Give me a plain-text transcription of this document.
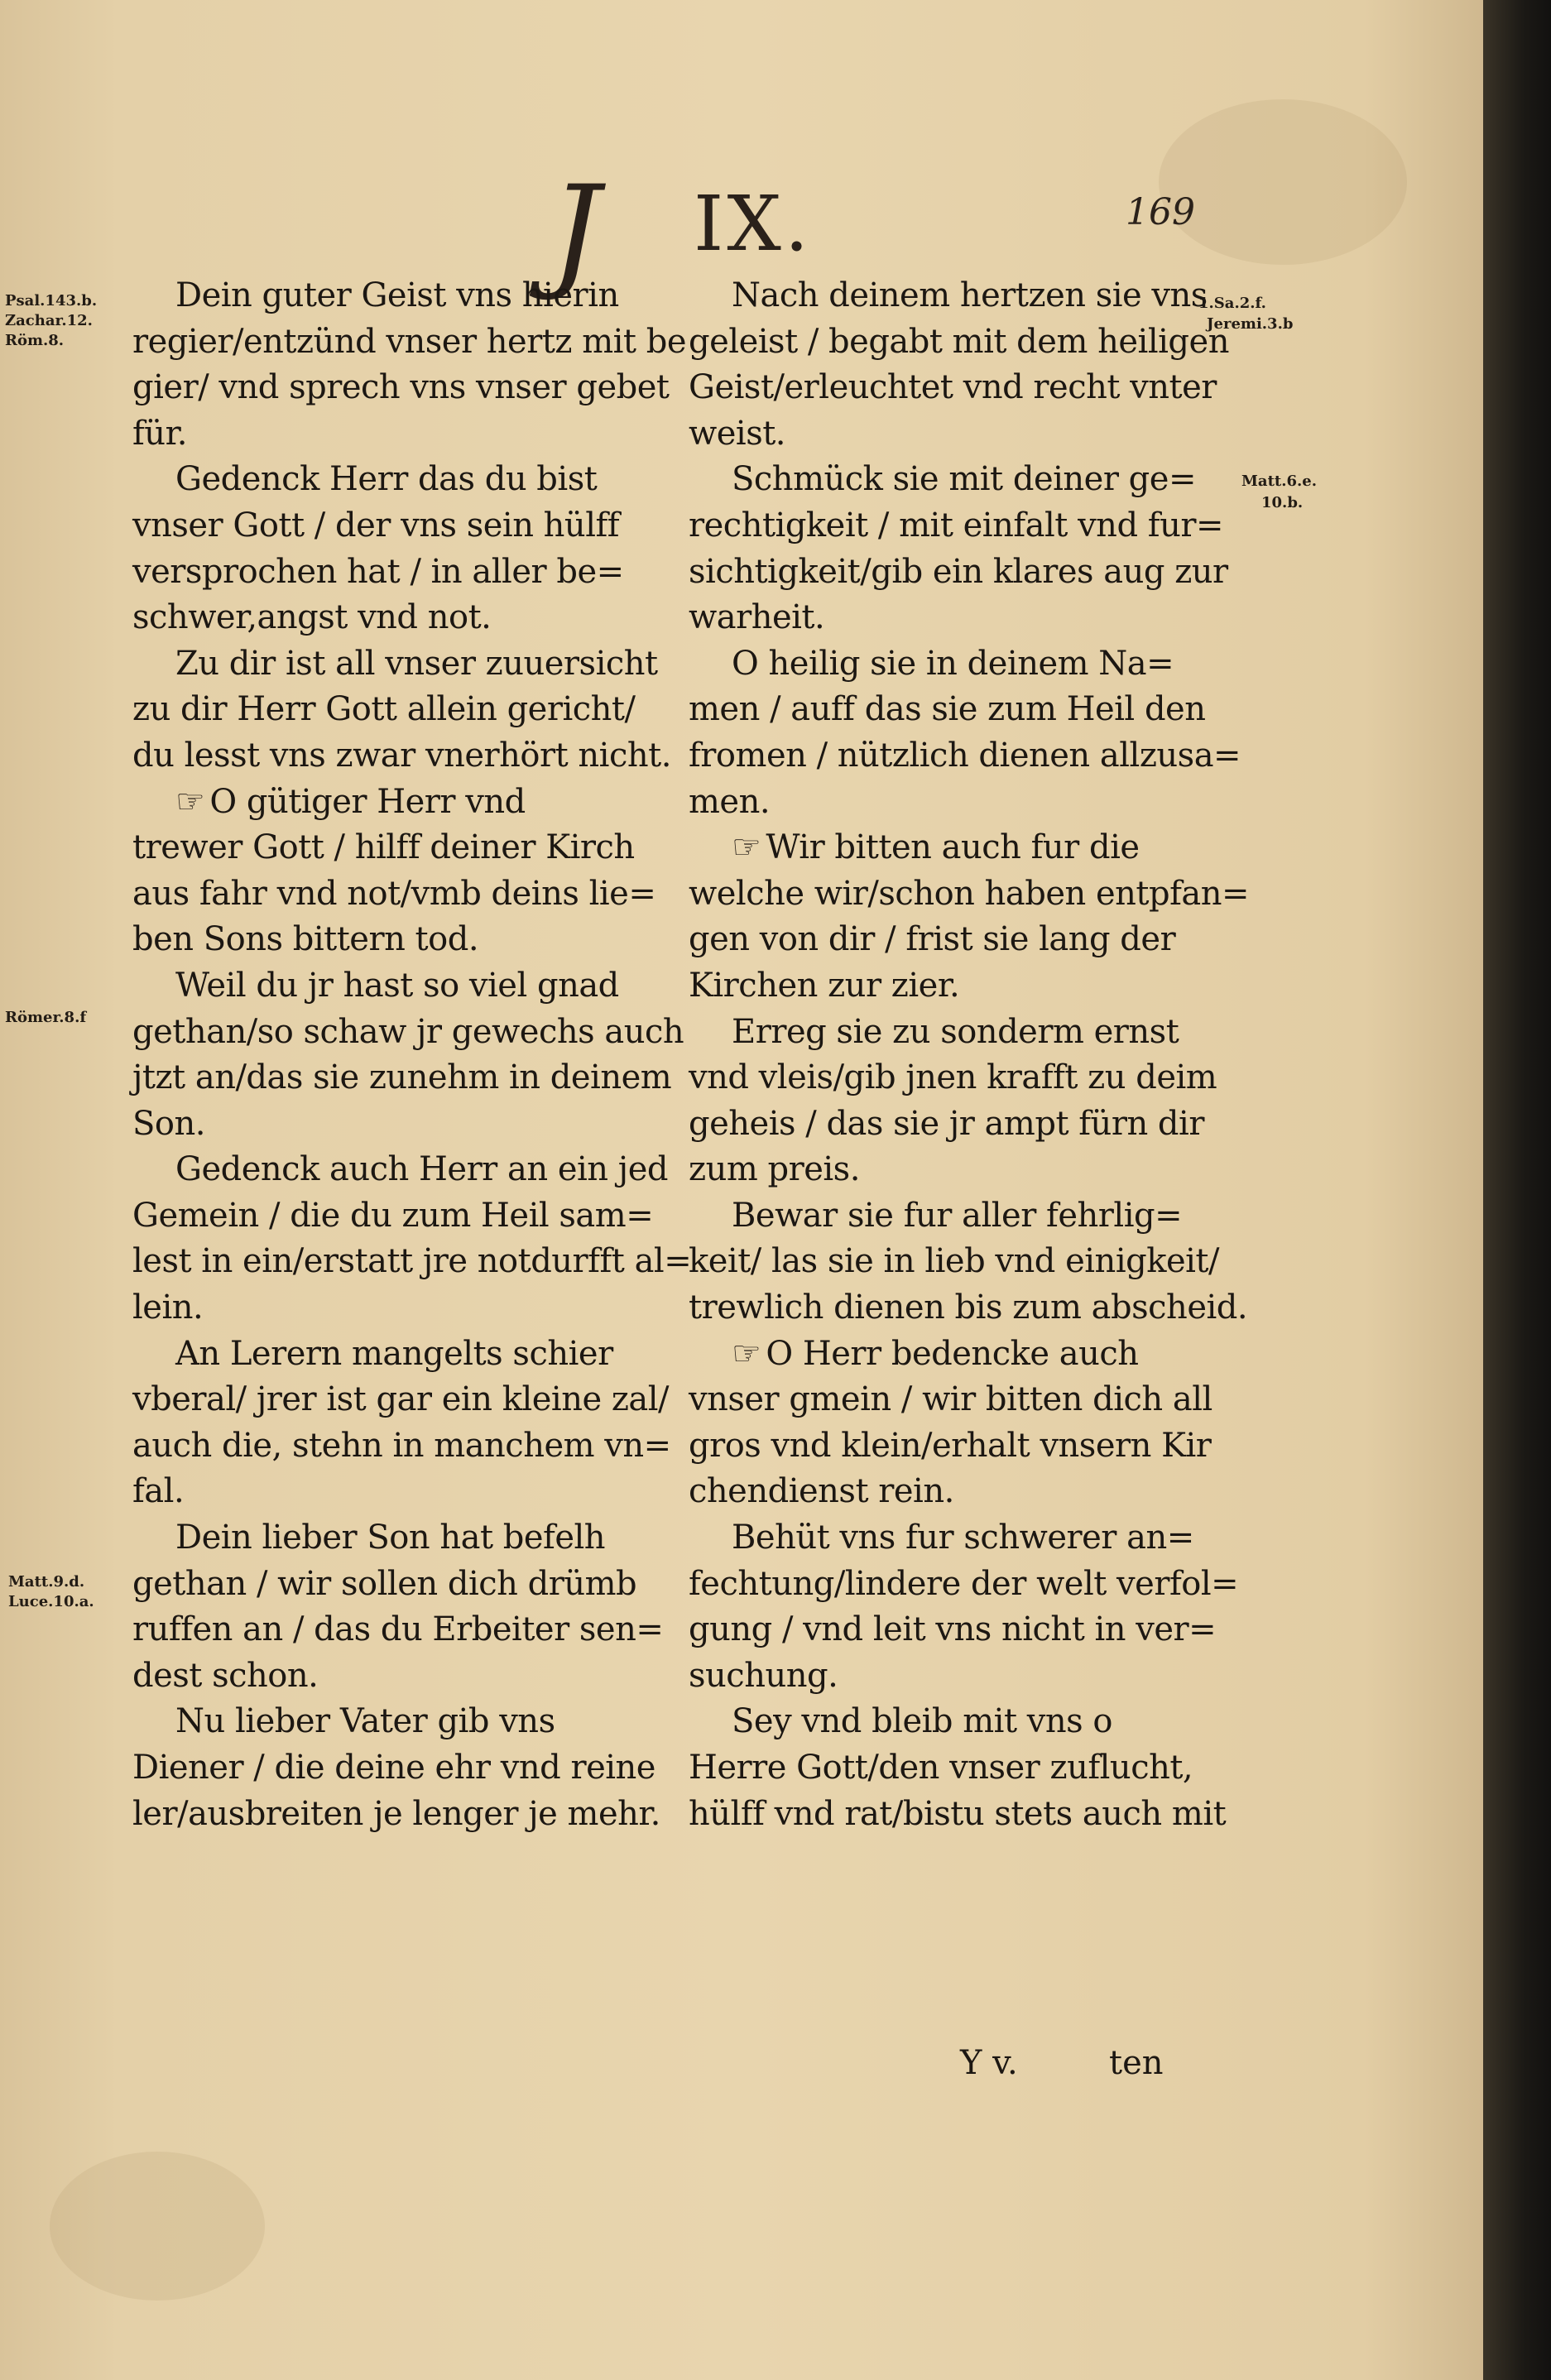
J IX.	169
Psal.143.b.
Zachar.12.
Röm.8.
Römer.8.f
Matt.9.d.
Luce.10.a.
1.Sa.2.f.
Jeremi.3.b
Matt.6.e.
10.b.
Dein guter Geist vns hierin
regier/entzünd vnser hertz mit be
gier/ vnd sprech vns vnser gebet
für.
Gedenck Herr das du bist
vnser Gott / der vns sein hülff
versprochen hat / in aller be=
schwer,angst vnd not.
Zu dir ist all vnser zuuersicht
zu dir Herr Gott allein gericht/
du lesst vns zwar vnerhört nicht.
☞ O gütiger Herr vnd
trewer Gott / hilff deiner Kirch
aus fahr vnd not/vmb deins lie=
ben Sons bittern tod.
Weil du jr hast so viel gnad
gethan/so schaw jr gewechs auch
jtzt an/das sie zunehm in deinem
Son.
Gedenck auch Herr an ein jed
Gemein / die du zum Heil sam=
lest in ein/erstatt jre notdurfft al=
lein.
An Lerern mangelts schier
vberal/ jrer ist gar ein kleine zal/
auch die, stehn in manchem vn=
fal.
Dein lieber Son hat befelh
gethan / wir sollen dich drümb
ruffen an / das du Erbeiter sen=
dest schon.
Nu lieber Vater gib vns
Diener / die deine ehr vnd reine
ler/ausbreiten je lenger je mehr.
Nach deinem hertzen sie vns
geleist / begabt mit dem heiligen
Geist/erleuchtet vnd recht vnter
weist.
Schmück sie mit deiner ge=
rechtigkeit / mit einfalt vnd fur=
sichtigkeit/gib ein klares aug zur
warheit.
O heilig sie in deinem Na=
men / auff das sie zum Heil den
fromen / nützlich dienen allzusa=
men.
☞ Wir bitten auch fur die
welche wir/schon haben entpfan=
gen von dir / frist sie lang der
Kirchen zur zier.
Erreg sie zu sonderm ernst
vnd vleis/gib jnen krafft zu deim
geheis / das sie jr ampt fürn dir
zum preis.
Bewar sie fur aller fehrlig=
keit/ las sie in lieb vnd einigkeit/
trewlich dienen bis zum abscheid.
☞ O Herr bedencke auch
vnser gmein / wir bitten dich all
gros vnd klein/erhalt vnsern Kir
chendienst rein.
Behüt vns fur schwerer an=
fechtung/lindere der welt verfol=
gung / vnd leit vns nicht in ver=
suchung.
Sey vnd bleib mit vns o
Herre Gott/den vnser zuflucht,
hülff vnd rat/bistu stets auch mit
Y v.	ten
